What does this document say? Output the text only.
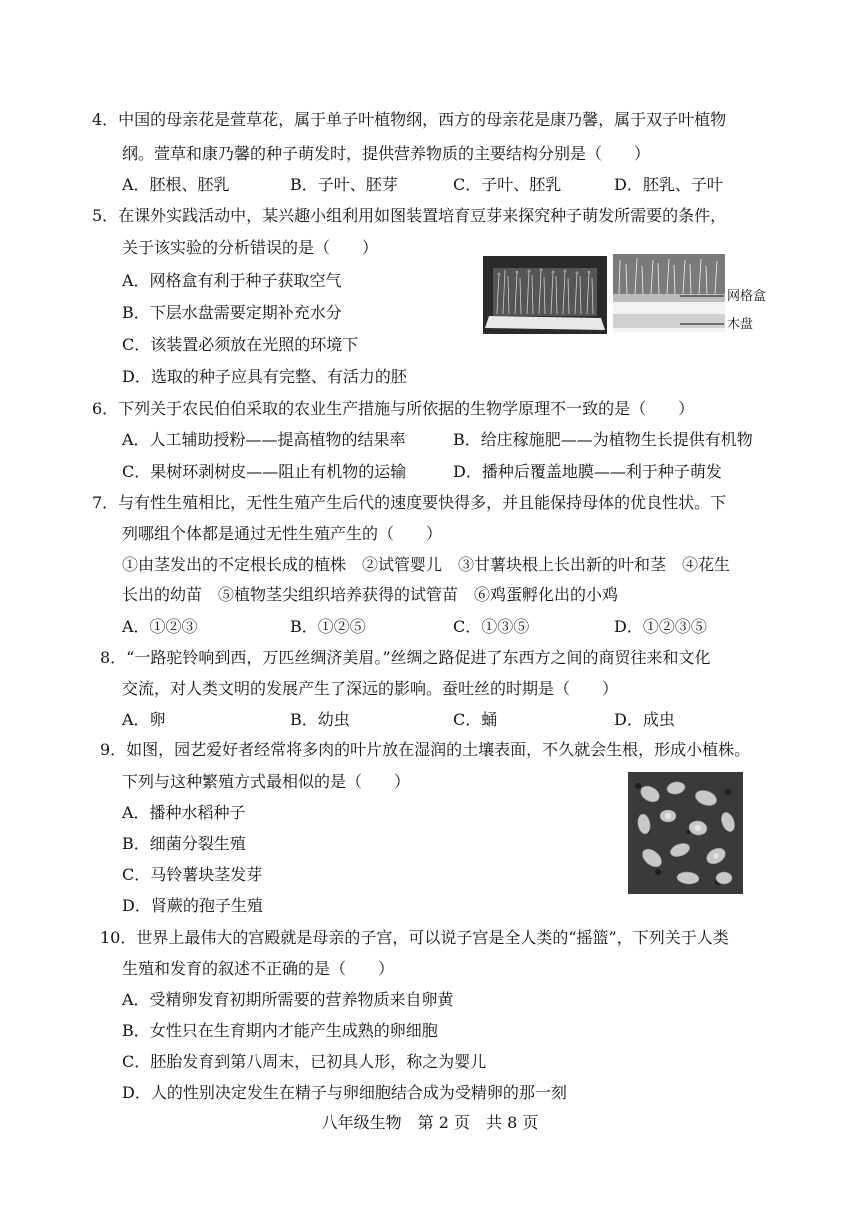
4．中国的母亲花是萱草花，属于单子叶植物纲，西方的母亲花是康乃馨，属于双子叶植物
纲。萱草和康乃馨的种子萌发时，提供营养物质的主要结构分别是（　　）
A．胚根、胚乳	B．子叶、胚芽	C．子叶、胚乳	D．胚乳、子叶
5．在课外实践活动中，某兴趣小组利用如图装置培育豆芽来探究种子萌发所需要的条件，
关于该实验的分析错误的是（　　）
A．网格盒有利于种子获取空气
B．下层水盘需要定期补充水分
C．该装置必须放在光照的环境下
D．选取的种子应具有完整、有活力的胚
网格盒
木盘
6．下列关于农民伯伯采取的农业生产措施与所依据的生物学原理不一致的是（　　）
A．人工辅助授粉——提高植物的结果率	B．给庄稼施肥——为植物生长提供有机物
C．果树环剥树皮——阻止有机物的运输	D．播种后覆盖地膜——利于种子萌发
7．与有性生殖相比，无性生殖产生后代的速度要快得多，并且能保持母体的优良性状。下
列哪组个体都是通过无性生殖产生的（　　）
①由茎发出的不定根长成的植株　②试管婴儿　③甘薯块根上长出新的叶和茎　④花生
长出的幼苗　⑤植物茎尖组织培养获得的试管苗　⑥鸡蛋孵化出的小鸡
A．①②③	B．①②⑤	C．①③⑤	D．①②③⑤
8．“一路驼铃响到西，万匹丝绸济美眉。”丝绸之路促进了东西方之间的商贸往来和文化
交流，对人类文明的发展产生了深远的影响。蚕吐丝的时期是（　　）
A．卵	B．幼虫	C．蛹	D．成虫
9．如图，园艺爱好者经常将多肉的叶片放在湿润的土壤表面，不久就会生根，形成小植株。
下列与这种繁殖方式最相似的是（　　）
A．播种水稻种子
B．细菌分裂生殖
C．马铃薯块茎发芽
D．肾蕨的孢子生殖
10．世界上最伟大的宫殿就是母亲的子宫，可以说子宫是全人类的“摇篮”，下列关于人类
生殖和发育的叙述不正确的是（　　）
A．受精卵发育初期所需要的营养物质来自卵黄
B．女性只在生育期内才能产生成熟的卵细胞
C．胚胎发育到第八周末，已初具人形，称之为婴儿
D．人的性别决定发生在精子与卵细胞结合成为受精卵的那一刻
八年级生物　第 2 页　共 8 页
